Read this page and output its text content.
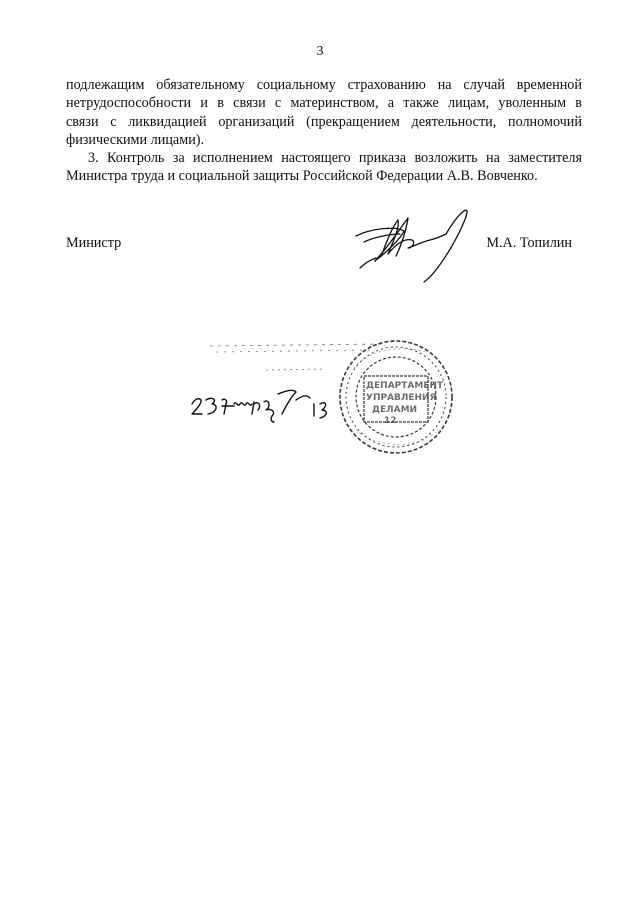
3
подлежащим обязательному социальному страхованию на случай временной
нетрудоспособности и в связи с материнством, а также лицам, уволенным в
связи с ликвидацией организаций (прекращением деятельности, полномочий
физическими лицами).
3. Контроль за исполнением настоящего приказа возложить на заместителя
Министра труда и социальной защиты Российской Федерации А.В. Вовченко.
Министр	М.А. Топилин
ДЕПАРТАМЕНТ
УПРАВЛЕНИЯ
ДЕЛАМИ
12
